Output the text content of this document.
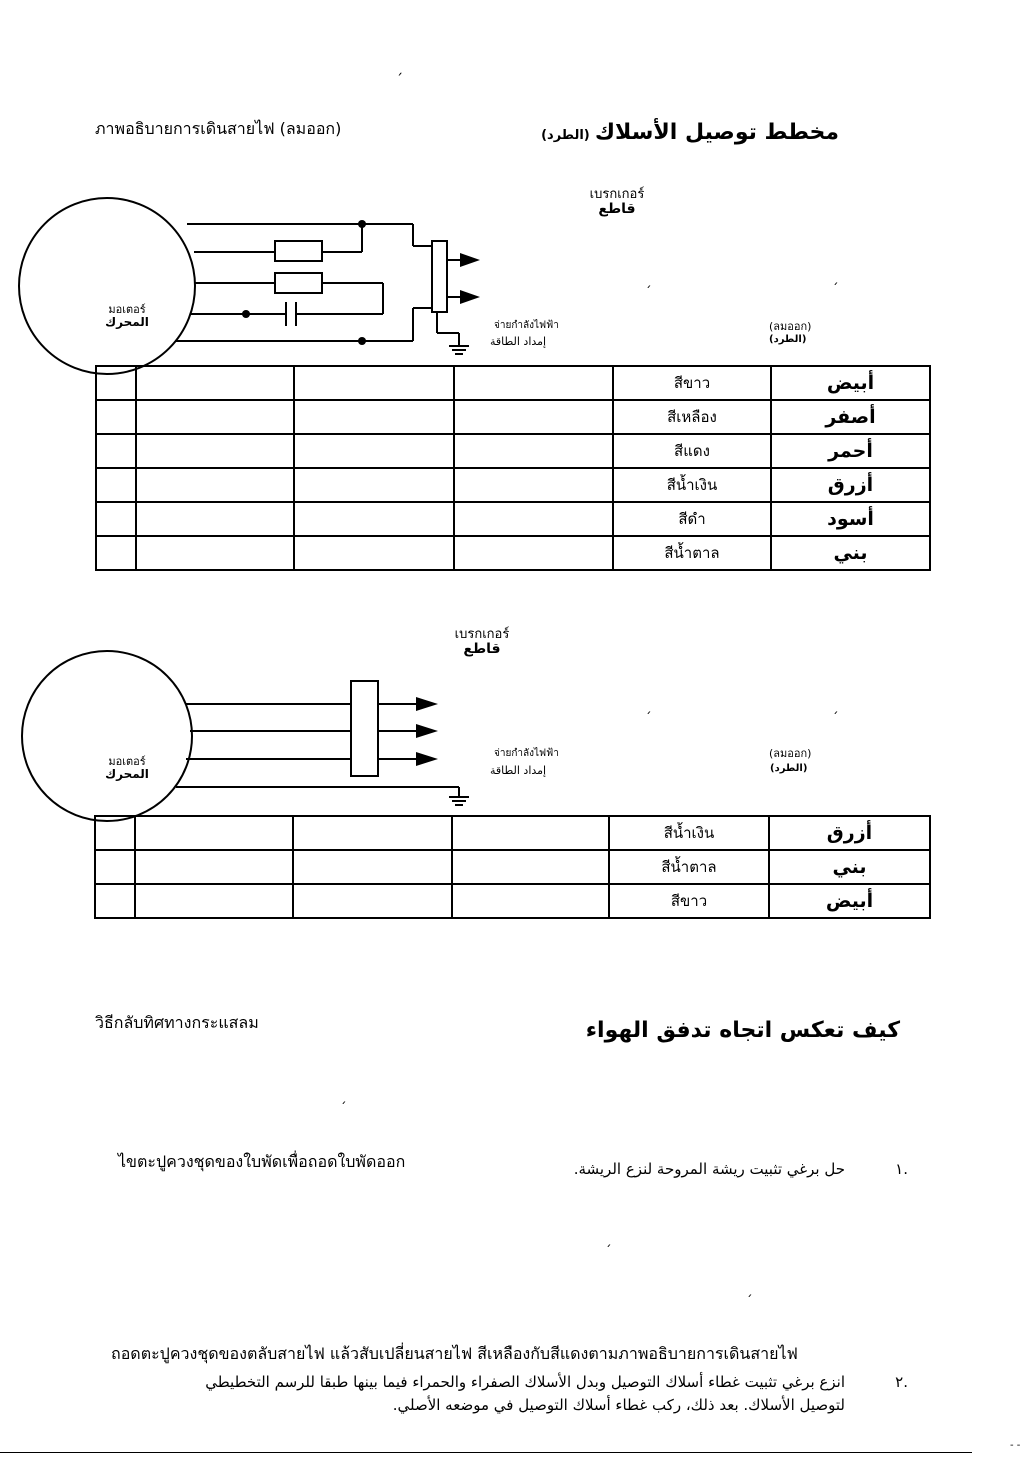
ˏ
ภาพอธิบายการเดินสายไฟ (ลมออก)	مخطط توصيل الأسلاك (الطرد)
เบรกเกอร์
قاطع
มอเตอร์
المحرك	จ่ายกำลังไฟฟ้า
إمداد الطاقة
(ลมออก)
(الطرد)
ˏ	ˏ
				สีขาว	أبيض
				สีเหลือง	أصفر
				สีแดง	أحمر
				สีน้ำเงิน	أزرق
				สีดำ	أسود
				สีน้ำตาล	بني
เบรกเกอร์
قاطع
มอเตอร์
المحرك
จ่ายกำลังไฟฟ้า
إمداد الطاقة
(ลมออก)
(الطرد)
ˏ	ˏ
				สีน้ำเงิน	أزرق
				สีน้ำตาล	بني
				สีขาว	أبيض
วิธีกลับทิศทางกระแสลม	كيف تعكس اتجاه تدفق الهواء
ˏ
ไขตะปูควงชุดของใบพัดเพื่อถอดใบพัดออก	حل برغي تثبيت ريشة المروحة لنزع الريشة.	.١
ˏ
ˏ
ถอดตะปูควงชุดของตลับสายไฟ แล้วสับเปลี่ยนสายไฟ สีเหลืองกับสีแดงตามภาพอธิบายการเดินสายไฟ
انزع برغي تثبيت غطاء أسلاك التوصيل وبدل الأسلاك الصفراء والحمراء فيما بينها طبقا للرسم التخطيطي
لتوصيل الأسلاك. بعد ذلك، ركب غطاء أسلاك التوصيل في موضعه الأصلي.
.٢
- -
